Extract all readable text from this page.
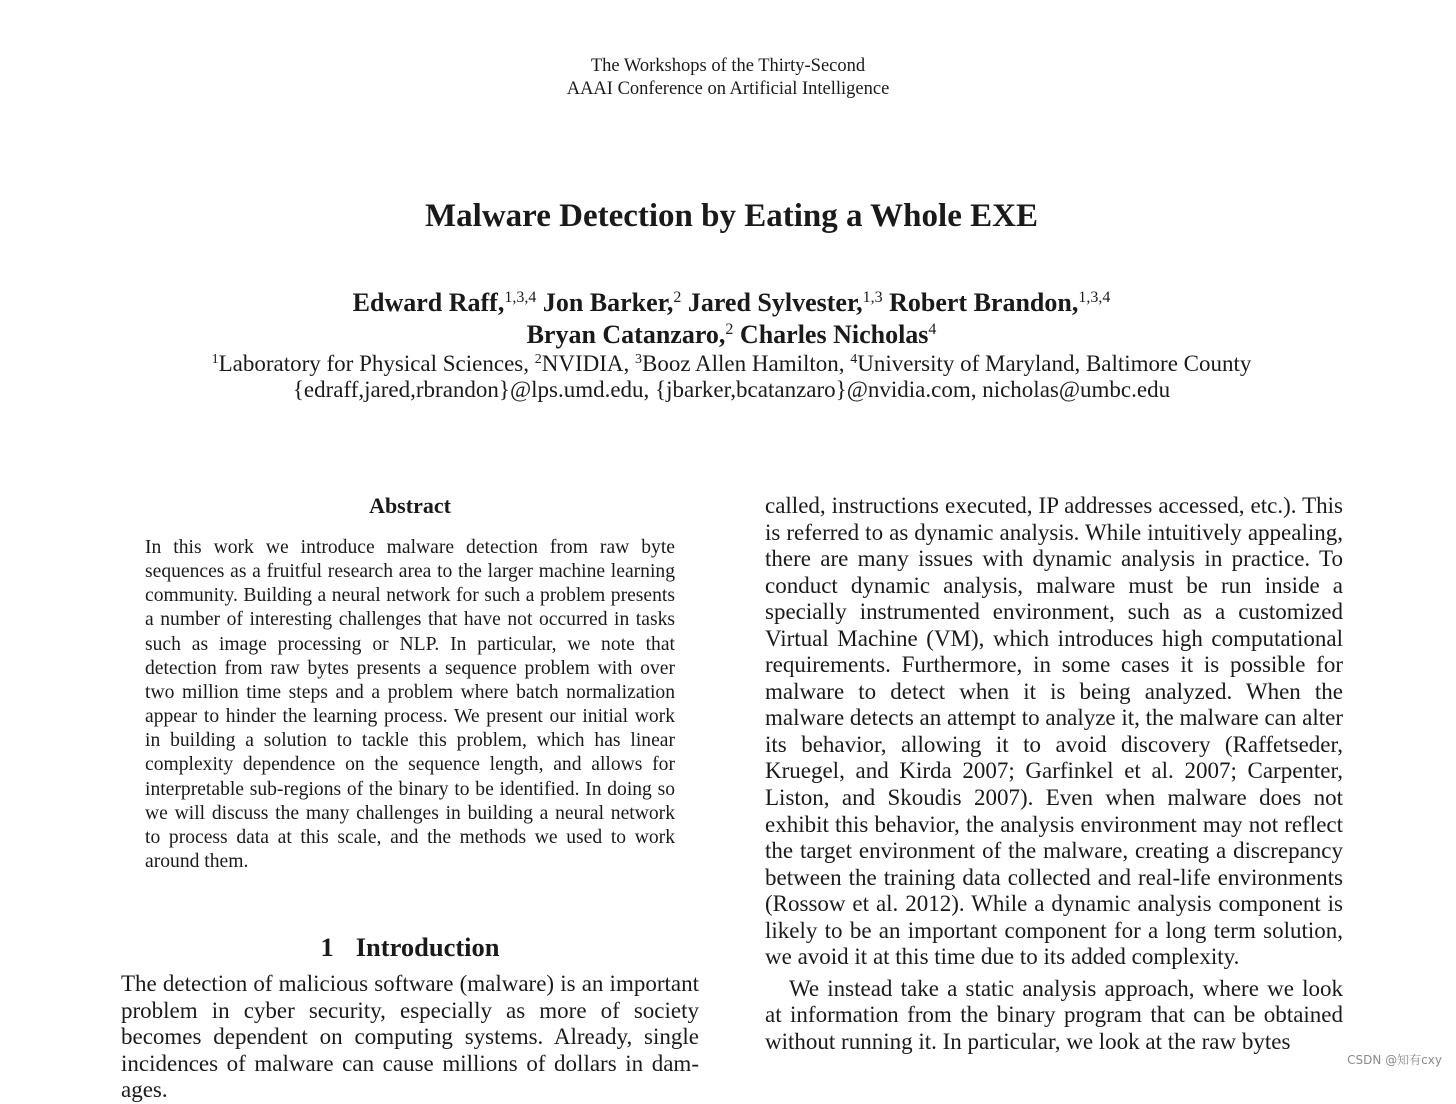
The Workshops of the Thirty-Second
AAAI Conference on Artificial Intelligence
Malware Detection by Eating a Whole EXE
Edward Raff,$^{1,3,4}$ Jon Barker,$^2$ Jared Sylvester,$^{1,3}$ Robert Brandon,$^{1,3,4}$
Bryan Catanzaro,$^2$ Charles Nicholas$^4$
$^1$Laboratory for Physical Sciences, $^2$NVIDIA, $^3$Booz Allen Hamilton, $^4$University of Maryland, Baltimore County
{edraff,jared,rbrandon}@lps.umd.edu, {jbarker,bcatanzaro}@nvidia.com, nicholas@umbc.edu
Abstract

In this work we introduce malware detection from raw byte sequences as a fruitful research area to the larger machine learning community. Building a neural network for such a problem presents a number of interesting challenges that have not occurred in tasks such as image processing or NLP. In particular, we note that detection from raw bytes presents a sequence problem with over two million time steps and a problem where batch normalization appear to hinder the learning process. We present our initial work in building a solution to tackle this problem, which has linear complexity dependence on the sequence length, and allows for interpretable sub-regions of the binary to be identified. In doing so we will discuss the many challenges in building a neural network to process data at this scale, and the methods we used to work around them.

1 Introduction

The detection of malicious software (malware) is an important problem in cyber security, especially as more of society becomes dependent on computing systems. Already, single incidences of malware can cause millions of dollars in damages.

called, instructions executed, IP addresses accessed, etc.). This is referred to as dynamic analysis. While intuitively appealing, there are many issues with dynamic analysis in practice. To conduct dynamic analysis, malware must be run inside a specially instrumented environment, such as a customized Virtual Machine (VM), which introduces high computational requirements. Furthermore, in some cases it is possible for malware to detect when it is being analyzed. When the malware detects an attempt to analyze it, the malware can alter its behavior, allowing it to avoid discovery (Raffetseder, Kruegel, and Kirda 2007; Garfinkel et al. 2007; Carpenter, Liston, and Skoudis 2007). Even when malware does not exhibit this behavior, the analysis environment may not reflect the target environment of the malware, creating a discrepancy between the training data collected and real-life environments (Rossow et al. 2012). While a dynamic analysis component is likely to be an important component for a long term solution, we avoid it at this time due to its added complexity.

We instead take a static analysis approach, where we look at information from the binary program that can be obtained without running it. In particular, we look at the raw bytes

CSDN @知有cxy
